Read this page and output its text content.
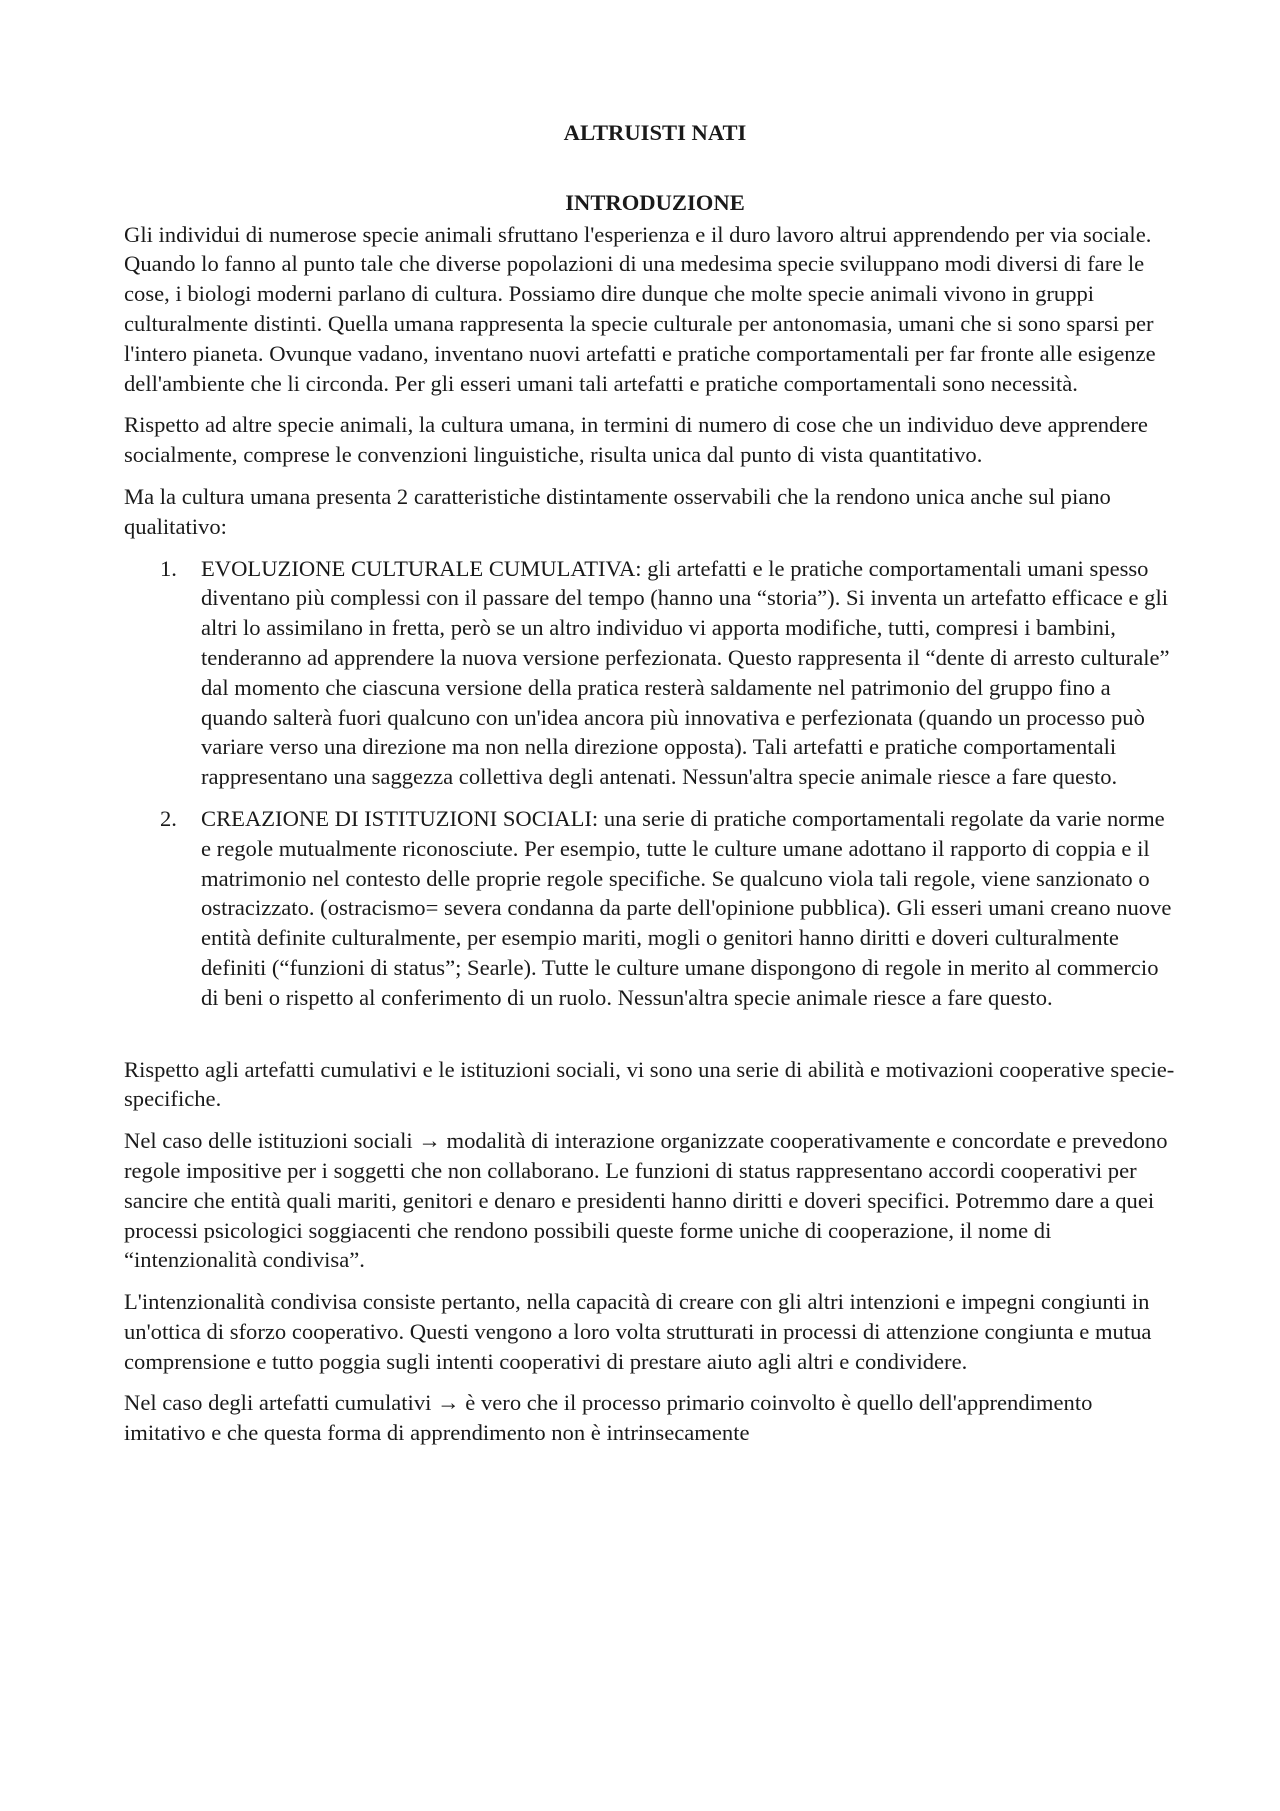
ALTRUISTI NATI

INTRODUZIONE

Gli individui di numerose specie animali sfruttano l'esperienza e il duro lavoro altrui apprendendo per via sociale. Quando lo fanno al punto tale che diverse popolazioni di una medesima specie sviluppano modi diversi di fare le cose, i biologi moderni parlano di cultura. Possiamo dire dunque che molte specie animali vivono in gruppi culturalmente distinti. Quella umana rappresenta la specie culturale per antonomasia, umani che si sono sparsi per l'intero pianeta. Ovunque vadano, inventano nuovi artefatti e pratiche comportamentali per far fronte alle esigenze dell'ambiente che li circonda. Per gli esseri umani tali artefatti e pratiche comportamentali sono necessità.

Rispetto ad altre specie animali, la cultura umana, in termini di numero di cose che un individuo deve apprendere socialmente, comprese le convenzioni linguistiche, risulta unica dal punto di vista quantitativo.

Ma la cultura umana presenta 2 caratteristiche distintamente osservabili che la rendono unica anche sul piano qualitativo:

1. EVOLUZIONE CULTURALE CUMULATIVA: gli artefatti e le pratiche comportamentali umani spesso diventano più complessi con il passare del tempo (hanno una “storia”). Si inventa un artefatto efficace e gli altri lo assimilano in fretta, però se un altro individuo vi apporta modifiche, tutti, compresi i bambini, tenderanno ad apprendere la nuova versione perfezionata. Questo rappresenta il “dente di arresto culturale” dal momento che ciascuna versione della pratica resterà saldamente nel patrimonio del gruppo fino a quando salterà fuori qualcuno con un'idea ancora più innovativa e perfezionata (quando un processo può variare verso una direzione ma non nella direzione opposta). Tali artefatti e pratiche comportamentali rappresentano una saggezza collettiva degli antenati. Nessun'altra specie animale riesce a fare questo.
2. CREAZIONE DI ISTITUZIONI SOCIALI: una serie di pratiche comportamentali regolate da varie norme e regole mutualmente riconosciute. Per esempio, tutte le culture umane adottano il rapporto di coppia e il matrimonio nel contesto delle proprie regole specifiche. Se qualcuno viola tali regole, viene sanzionato o ostracizzato. (ostracismo= severa condanna da parte dell'opinione pubblica). Gli esseri umani creano nuove entità definite culturalmente, per esempio mariti, mogli o genitori hanno diritti e doveri culturalmente definiti (“funzioni di status”; Searle). Tutte le culture umane dispongono di regole in merito al commercio di beni o rispetto al conferimento di un ruolo. Nessun'altra specie animale riesce a fare questo.

Rispetto agli artefatti cumulativi e le istituzioni sociali, vi sono una serie di abilità e motivazioni cooperative specie-specifiche.

Nel caso delle istituzioni sociali → modalità di interazione organizzate cooperativamente e concordate e prevedono regole impositive per i soggetti che non collaborano. Le funzioni di status rappresentano accordi cooperativi per sancire che entità quali mariti, genitori e denaro e presidenti hanno diritti e doveri specifici. Potremmo dare a quei processi psicologici soggiacenti che rendono possibili queste forme uniche di cooperazione, il nome di “intenzionalità condivisa”.

L'intenzionalità condivisa consiste pertanto, nella capacità di creare con gli altri intenzioni e impegni congiunti in un'ottica di sforzo cooperativo. Questi vengono a loro volta strutturati in processi di attenzione congiunta e mutua comprensione e tutto poggia sugli intenti cooperativi di prestare aiuto agli altri e condividere.

Nel caso degli artefatti cumulativi → è vero che il processo primario coinvolto è quello dell'apprendimento imitativo e che questa forma di apprendimento non è intrinsecamente
